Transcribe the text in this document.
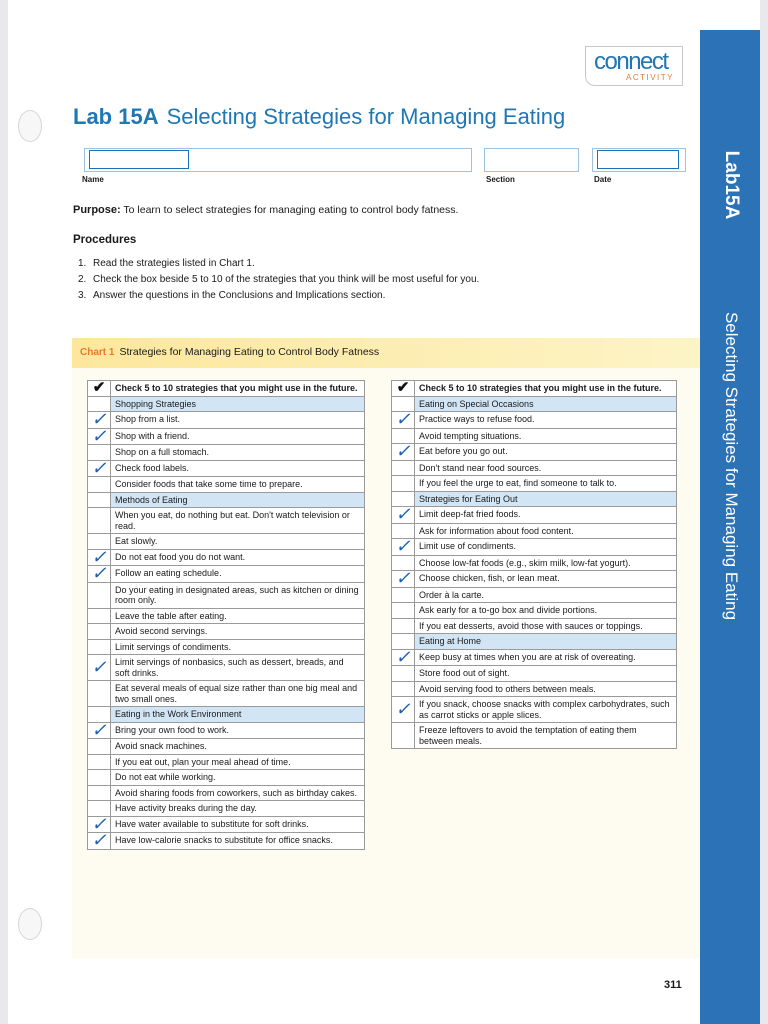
connect
ACTIVITY
Lab 15A Selecting Strategies for Managing Eating
Name	Section	Date
Purpose: To learn to select strategies for managing eating to control body fatness.
Procedures
1. Read the strategies listed in Chart 1.
2. Check the box beside 5 to 10 of the strategies that you think will be most useful for you.
3. Answer the questions in the Conclusions and Implications section.
Chart 1 Strategies for Managing Eating to Control Body Fatness
✔	Check 5 to 10 strategies that you might use in the future.
	Shopping Strategies
✓	Shop from a list.
✓	Shop with a friend.
	Shop on a full stomach.
✓	Check food labels.
	Consider foods that take some time to prepare.
	Methods of Eating
	When you eat, do nothing but eat. Don't watch television or read.
	Eat slowly.
✓	Do not eat food you do not want.
✓	Follow an eating schedule.
	Do your eating in designated areas, such as kitchen or dining room only.
	Leave the table after eating.
	Avoid second servings.
	Limit servings of condiments.
✓	Limit servings of nonbasics, such as dessert, breads, and soft drinks.
	Eat several meals of equal size rather than one big meal and two small ones.
	Eating in the Work Environment
✓	Bring your own food to work.
	Avoid snack machines.
	If you eat out, plan your meal ahead of time.
	Do not eat while working.
	Avoid sharing foods from coworkers, such as birthday cakes.
	Have activity breaks during the day.
✓	Have water available to substitute for soft drinks.
✓	Have low-calorie snacks to substitute for office snacks.
✔	Check 5 to 10 strategies that you might use in the future.
	Eating on Special Occasions
✓	Practice ways to refuse food.
	Avoid tempting situations.
✓	Eat before you go out.
	Don't stand near food sources.
	If you feel the urge to eat, find someone to talk to.
	Strategies for Eating Out
✓	Limit deep-fat fried foods.
	Ask for information about food content.
✓	Limit use of condiments.
	Choose low-fat foods (e.g., skim milk, low-fat yogurt).
✓	Choose chicken, fish, or lean meat.
	Order à la carte.
	Ask early for a to-go box and divide portions.
	If you eat desserts, avoid those with sauces or toppings.
	Eating at Home
✓	Keep busy at times when you are at risk of overeating.
	Store food out of sight.
	Avoid serving food to others between meals.
✓	If you snack, choose snacks with complex carbohydrates, such as carrot sticks or apple slices.
	Freeze leftovers to avoid the temptation of eating them between meals.
Lab15A
Selecting Strategies for Managing Eating
311
